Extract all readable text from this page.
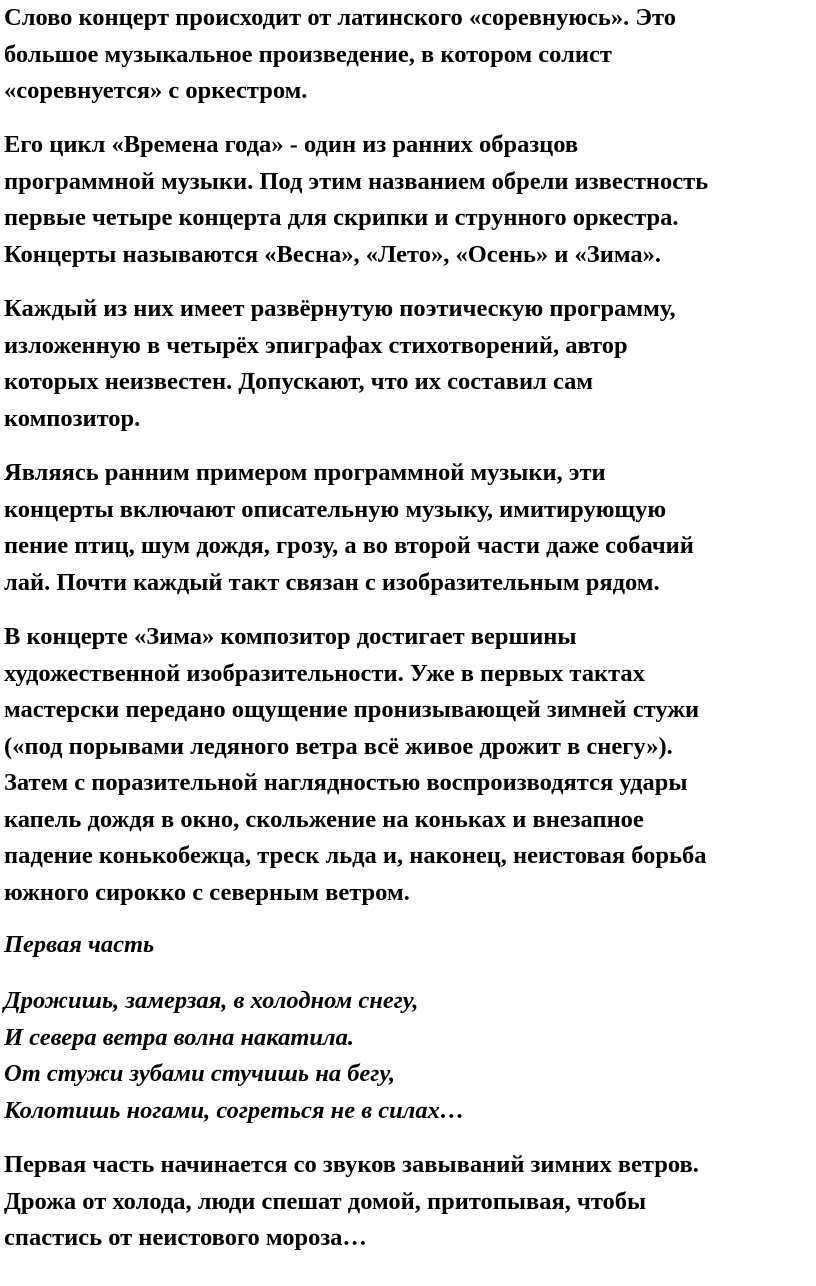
Слово концерт происходит от латинского «соревнуюсь». Это
большое музыкальное произведение, в котором солист
«соревнуется» с оркестром.

Его цикл «Времена года» - один из ранних образцов
программной музыки. Под этим названием обрели известность
первые четыре концерта для скрипки и струнного оркестра.
Концерты называются «Весна», «Лето», «Осень» и «Зима».

Каждый из них имеет развёрнутую поэтическую программу,
изложенную в четырёх эпиграфах стихотворений, автор
которых неизвестен. Допускают, что их составил сам
композитор.

Являясь ранним примером программной музыки, эти
концерты включают описательную музыку, имитирующую
пение птиц, шум дождя, грозу, а во второй части даже собачий
лай. Почти каждый такт связан с изобразительным рядом.

В концерте «Зима» композитор достигает вершины
художественной изобразительности. Уже в первых тактах
мастерски передано ощущение пронизывающей зимней стужи
(«под порывами ледяного ветра всё живое дрожит в снегу»).
Затем с поразительной наглядностью воспроизводятся удары
капель дождя в окно, скольжение на коньках и внезапное
падение конькобежца, треск льда и, наконец, неистовая борьба
южного сирокко с северным ветром.

Первая часть

Дрожишь, замерзая, в холодном снегу,
И севера ветра волна накатила.
От стужи зубами стучишь на бегу,
Колотишь ногами, согреться не в силах…

Первая часть начинается со звуков завываний зимних ветров.
Дрожа от холода, люди спешат домой, притопывая, чтобы
спастись от неистового мороза…
